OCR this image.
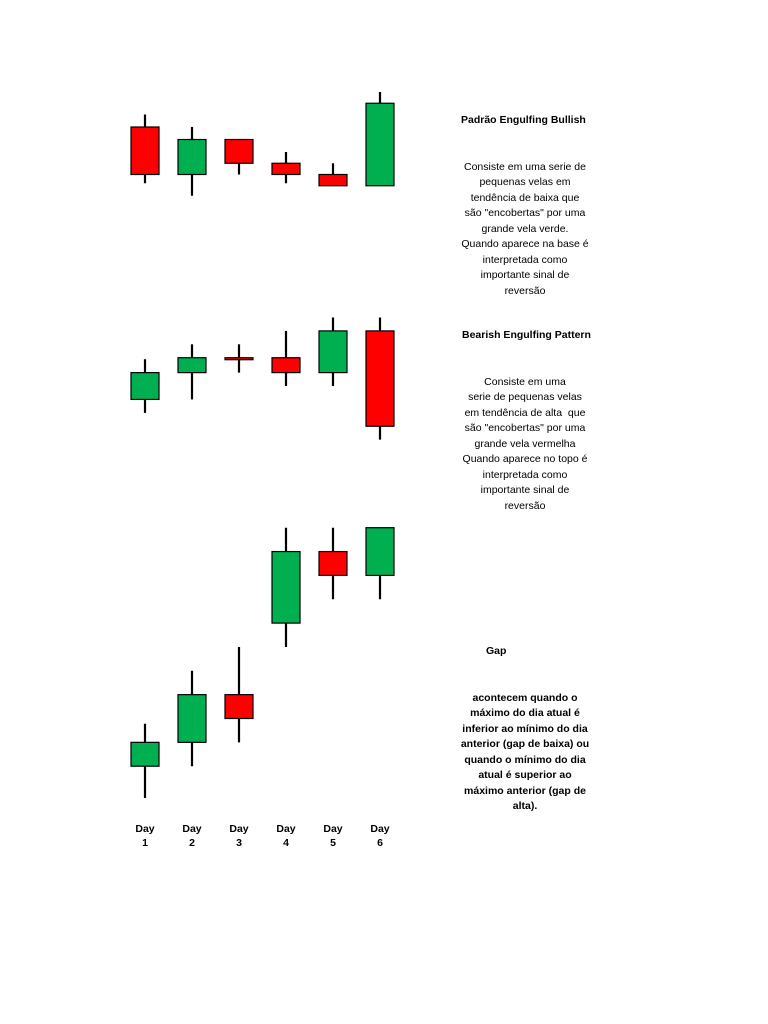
Day
1
Day
2
Day
3
Day
4
Day
5
Day
6

Padrão Engulfing Bullish

Consiste em uma serie de
pequenas velas em
tendência de baixa que
são "encobertas" por uma
grande vela verde.
Quando aparece na base é
interpretada como
importante sinal de
reversão

Bearish Engulfing Pattern

Consiste em uma
serie de pequenas velas
em tendência de alta  que
são "encobertas" por uma
grande vela vermelha
Quando aparece no topo é
interpretada como
importante sinal de
reversão

Gap

acontecem quando o
máximo do dia atual é
inferior ao mínimo do dia
anterior (gap de baixa) ou
quando o mínimo do dia
atual é superior ao
máximo anterior (gap de
alta).
